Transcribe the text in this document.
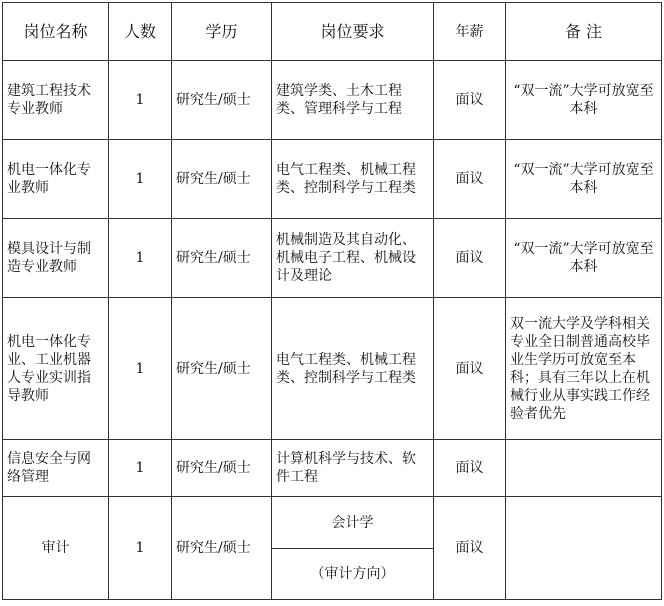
岗位名称	人数	学历	岗位要求	年薪	备 注
建筑工程技术专业教师	1	研究生/硕士	建筑学类、土木工程类、管理科学与工程	面议	“双一流”大学可放宽至本科
机电一体化专业教师	1	研究生/硕士	电气工程类、机械工程类、控制科学与工程类	面议	“双一流”大学可放宽至本科
模具设计与制造专业教师	1	研究生/硕士	机械制造及其自动化、机械电子工程、机械设计及理论	面议	“双一流”大学可放宽至本科
机电一体化专业、工业机器人专业实训指导教师	1	研究生/硕士	电气工程类、机械工程类、控制科学与工程类	面议	双一流大学及学科相关专业全日制普通高校毕业生学历可放宽至本科；具有三年以上在机械行业从事实践工作经验者优先
信息安全与网络管理	1	研究生/硕士	计算机科学与技术、软件工程	面议	
审计	1	研究生/硕士	会计学	面议	
			（审计方向）		
